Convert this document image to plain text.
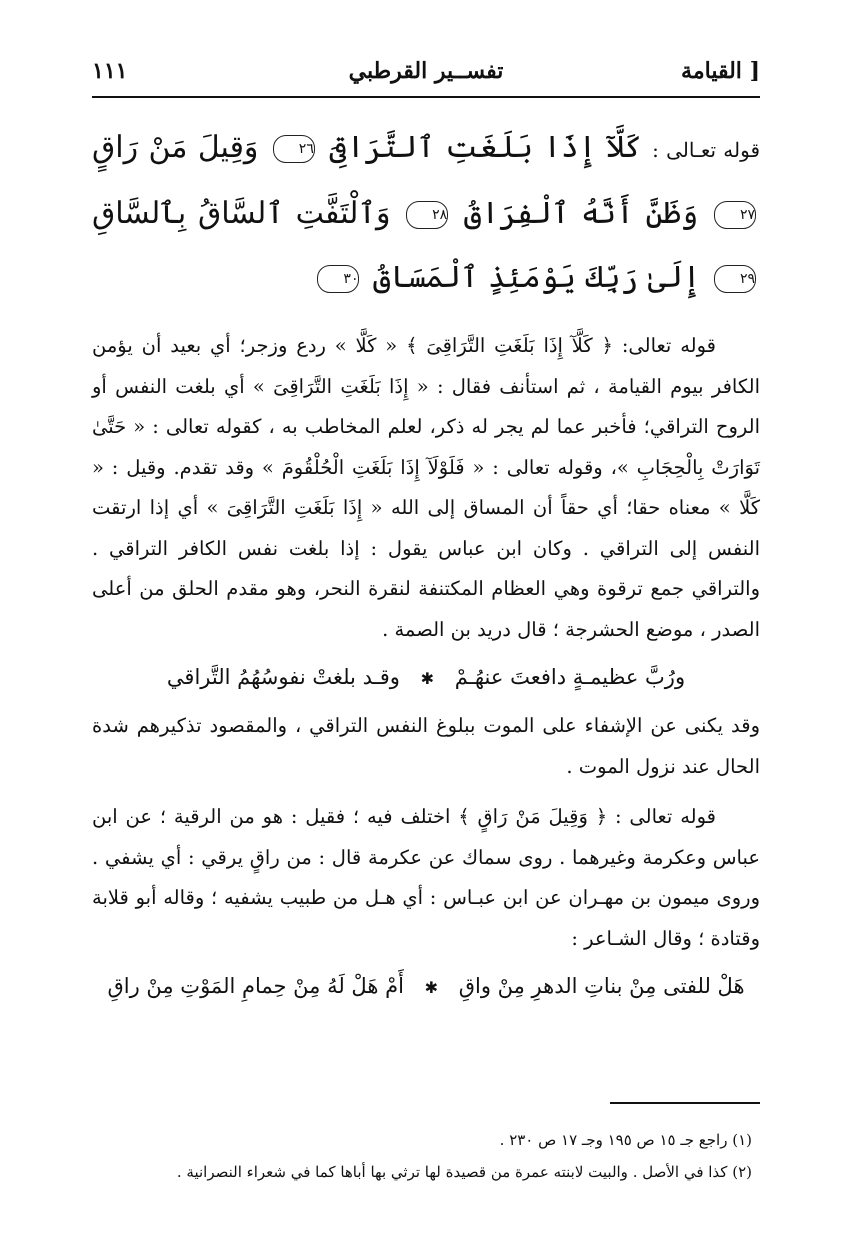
القيامة ]
تفســير القرطبي
١١١

قوله تعـالى : كَلَّآ إِذَا بَلَغَتِ ٱلتَّرَاقِىَ ٢٦ وَقِيلَ مَنْ رَاقٍ ٢٧ وَظَنَّ أَنَّهُ ٱلْفِرَاقُ ٢٨ وَٱلْتَفَّتِ ٱلسَّاقُ بِٱلسَّاقِ ٢٩ إِلَىٰ رَبِّكَ يَوْمَئِذٍ ٱلْمَسَاقُ ٣٠

قوله تعالى: ﴿ كَلَّآ إِذَا بَلَغَتِ التَّرَاقِىَ ﴾ « كَلَّا » ردع وزجر؛ أي بعيد أن يؤمن الكافر بيوم القيامة ، ثم استأنف فقال : « إِذَا بَلَغَتِ التَّرَاقِىَ » أي بلغت النفس أو الروح التراقي؛ فأخبر عما لم يجر له ذكر، لعلم المخاطب به ، كقوله تعالى : « حَتَّىٰ تَوَارَتْ بِالْحِجَابِ »، وقوله تعالى : « فَلَوْلَآ إِذَا بَلَغَتِ الْحُلْقُومَ » وقد تقدم. وقيل : « كَلَّا » معناه حقا؛ أي حقاً أن المساق إلى الله « إِذَا بَلَغَتِ التَّرَاقِىَ » أي إذا ارتقت النفس إلى التراقي . وكان ابن عباس يقول : إذا بلغت نفس الكافر التراقي . والتراقي جمع ترقوة وهي العظام المكتنفة لنقرة النحر، وهو مقدم الحلق من أعلى الصدر ، موضع الحشرجة ؛ قال دريد بن الصمة .

ورُبَّ عظيمـةٍ دافعتَ عنهُـمْ ✱ وقـد بلغتْ نفوسُهُمُ التَّراقي

وقد يكنى عن الإشفاء على الموت ببلوغ النفس التراقي ، والمقصود تذكيرهم شدة الحال عند نزول الموت .

قوله تعالى : ﴿ وَقِيلَ مَنْ رَاقٍ ﴾ اختلف فيه ؛ فقيل : هو من الرقية ؛ عن ابن عباس وعكرمة وغيرهما . روى سماك عن عكرمة قال : من راقٍ يرقي : أي يشفي . وروى ميمون بن مهـران عن ابن عبـاس : أي هـل من طبيب يشفيه ؛ وقاله أبو قلابة وقتادة ؛ وقال الشـاعر :

هَلْ للفتى مِنْ بناتِ الدهرِ مِنْ واقِ ✱ أَمْ هَلْ لَهُ مِنْ حِمامِ المَوْتِ مِنْ راقِ

(١) راجع جـ ١٥ ص ١٩٥ وجـ ١٧ ص ٢٣٠ .

(٢) كذا في الأصل . والبيت لابنته عمرة من قصيدة لها ترثي بها أباها كما في شعراء النصرانية .
